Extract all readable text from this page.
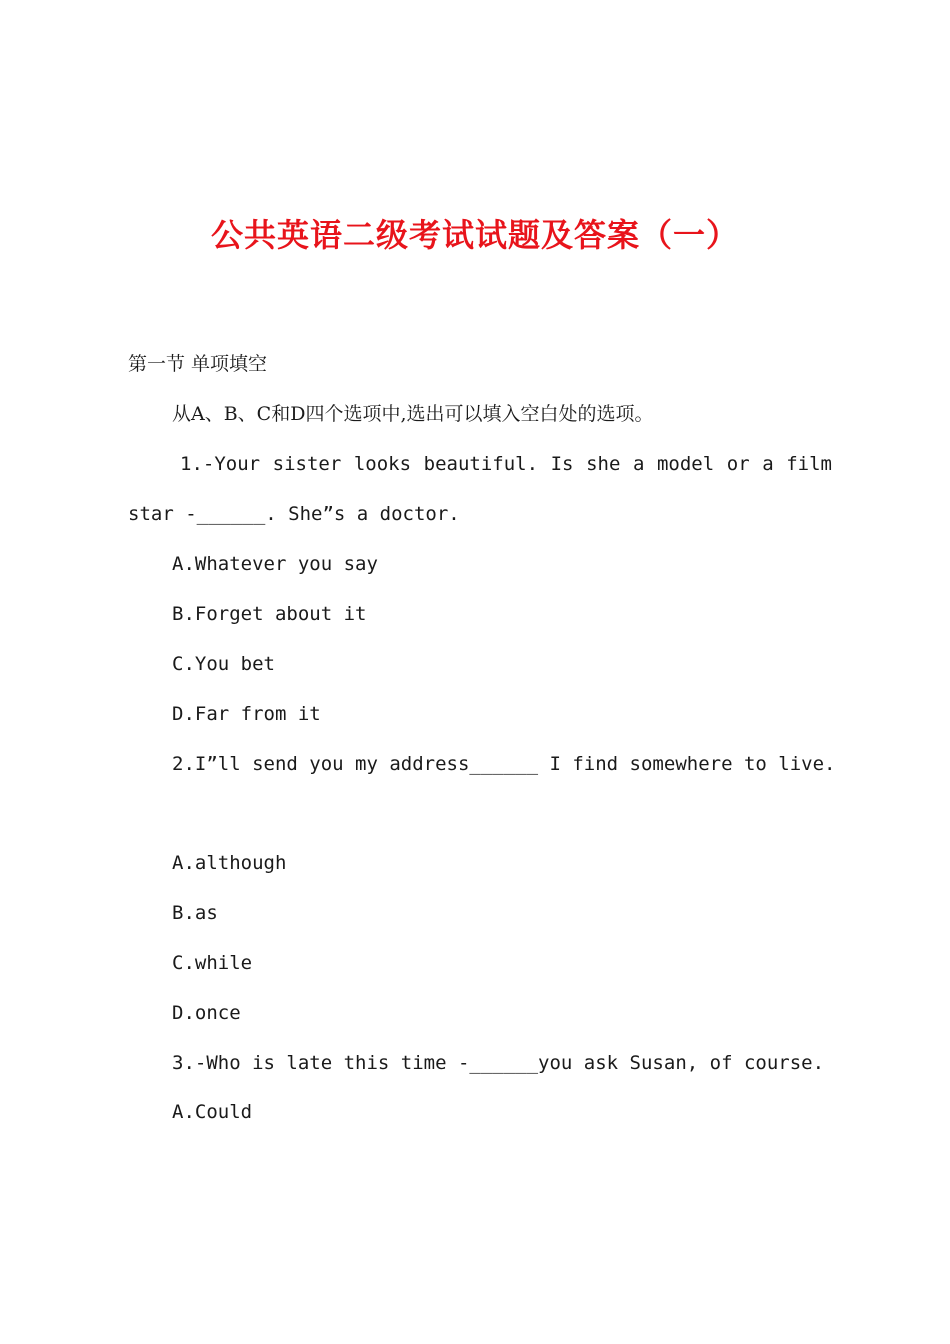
公共英语二级考试试题及答案（一）
第一节 单项填空
从A、B、C和D四个选项中,选出可以填入空白处的选项。
1.-Your sister looks beautiful. Is she a model or a film
star -______. She”s a doctor.
A.Whatever you say
B.Forget about it
C.You bet
D.Far from it
2.I”ll send you my address______ I find somewhere to live.
A.although
B.as
C.while
D.once
3.-Who is late this time -______you ask Susan, of course.
A.Could
